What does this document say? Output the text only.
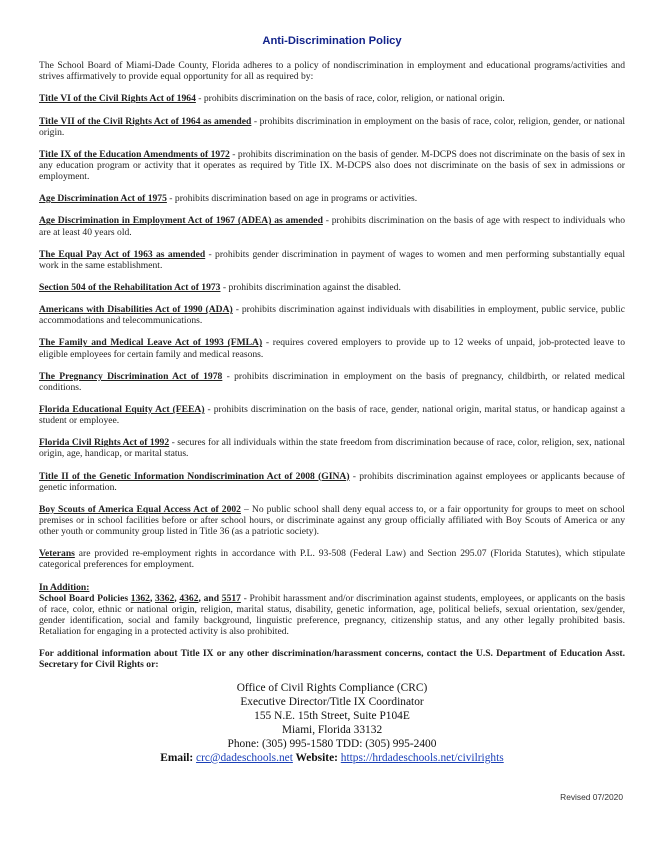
Anti-Discrimination Policy

The School Board of Miami-Dade County, Florida adheres to a policy of nondiscrimination in employment and educational programs/activities and strives affirmatively to provide equal opportunity for all as required by:

Title VI of the Civil Rights Act of 1964 - prohibits discrimination on the basis of race, color, religion, or national origin.

Title VII of the Civil Rights Act of 1964 as amended - prohibits discrimination in employment on the basis of race, color, religion, gender, or national origin.

Title IX of the Education Amendments of 1972 - prohibits discrimination on the basis of gender. M-DCPS does not discriminate on the basis of sex in any education program or activity that it operates as required by Title IX. M-DCPS also does not discriminate on the basis of sex in admissions or employment.

Age Discrimination Act of 1975 - prohibits discrimination based on age in programs or activities.

Age Discrimination in Employment Act of 1967 (ADEA) as amended - prohibits discrimination on the basis of age with respect to individuals who are at least 40 years old.

The Equal Pay Act of 1963 as amended - prohibits gender discrimination in payment of wages to women and men performing substantially equal work in the same establishment.

Section 504 of the Rehabilitation Act of 1973 - prohibits discrimination against the disabled.

Americans with Disabilities Act of 1990 (ADA) - prohibits discrimination against individuals with disabilities in employment, public service, public accommodations and telecommunications.

The Family and Medical Leave Act of 1993 (FMLA) - requires covered employers to provide up to 12 weeks of unpaid, job-protected leave to eligible employees for certain family and medical reasons.

The Pregnancy Discrimination Act of 1978 - prohibits discrimination in employment on the basis of pregnancy, childbirth, or related medical conditions.

Florida Educational Equity Act (FEEA) - prohibits discrimination on the basis of race, gender, national origin, marital status, or handicap against a student or employee.

Florida Civil Rights Act of 1992 - secures for all individuals within the state freedom from discrimination because of race, color, religion, sex, national origin, age, handicap, or marital status.

Title II of the Genetic Information Nondiscrimination Act of 2008 (GINA) - prohibits discrimination against employees or applicants because of genetic information.

Boy Scouts of America Equal Access Act of 2002 – No public school shall deny equal access to, or a fair opportunity for groups to meet on school premises or in school facilities before or after school hours, or discriminate against any group officially affiliated with Boy Scouts of America or any other youth or community group listed in Title 36 (as a patriotic society).

Veterans are provided re-employment rights in accordance with P.L. 93-508 (Federal Law) and Section 295.07 (Florida Statutes), which stipulate categorical preferences for employment.

In Addition:
School Board Policies 1362, 3362, 4362, and 5517 - Prohibit harassment and/or discrimination against students, employees, or applicants on the basis of race, color, ethnic or national origin, religion, marital status, disability, genetic information, age, political beliefs, sexual orientation, sex/gender, gender identification, social and family background, linguistic preference, pregnancy, citizenship status, and any other legally prohibited basis. Retaliation for engaging in a protected activity is also prohibited.

For additional information about Title IX or any other discrimination/harassment concerns, contact the U.S. Department of Education Asst. Secretary for Civil Rights or:

Office of Civil Rights Compliance (CRC)
Executive Director/Title IX Coordinator
155 N.E. 15th Street, Suite P104E
Miami, Florida 33132
Phone: (305) 995-1580 TDD: (305) 995-2400
Email: crc@dadeschools.net Website: https://hrdadeschools.net/civilrights
Revised 07/2020
